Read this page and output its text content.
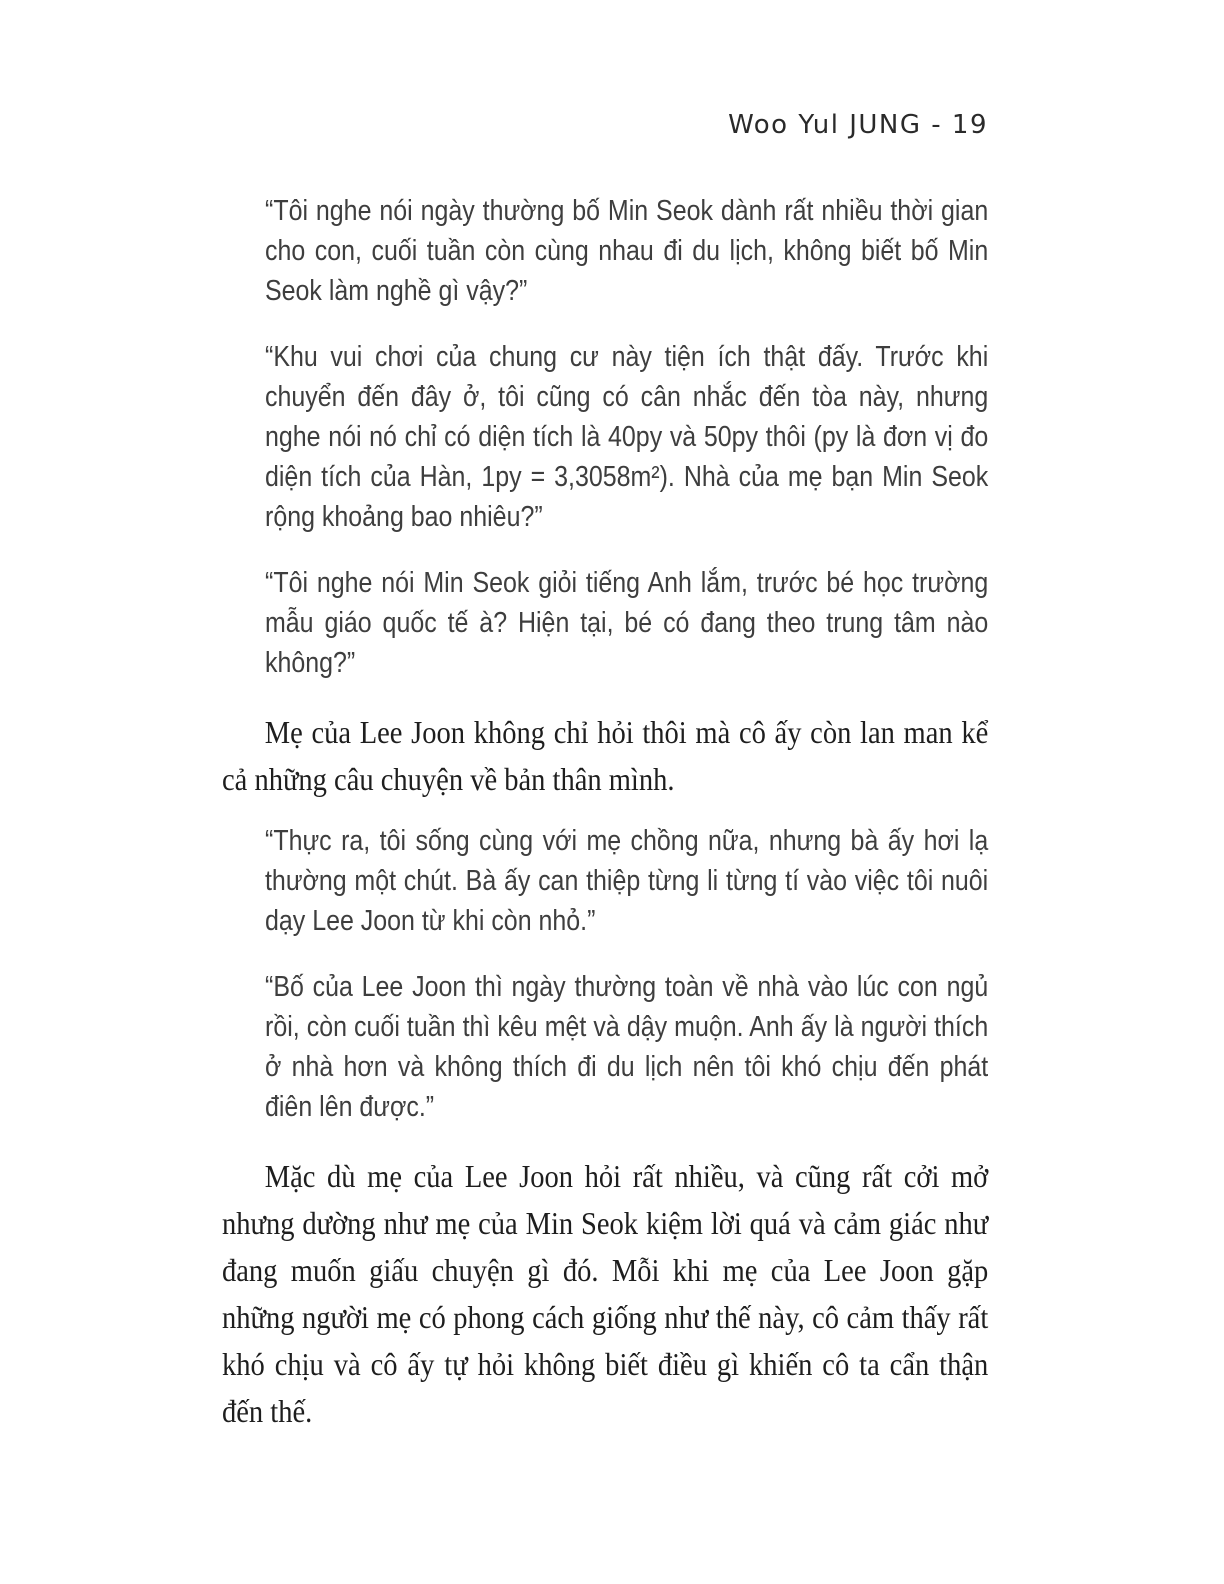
Woo Yul JUNG - 19

“Tôi nghe nói ngày thường bố Min Seok dành rất nhiều thời gian cho con, cuối tuần còn cùng nhau đi du lịch, không biết bố Min Seok làm nghề gì vậy?”

“Khu vui chơi của chung cư này tiện ích thật đấy. Trước khi chuyển đến đây ở, tôi cũng có cân nhắc đến tòa này, nhưng nghe nói nó chỉ có diện tích là 40py và 50py thôi (py là đơn vị đo diện tích của Hàn, 1py = 3,3058m²). Nhà của mẹ bạn Min Seok rộng khoảng bao nhiêu?”

“Tôi nghe nói Min Seok giỏi tiếng Anh lắm, trước bé học trường mẫu giáo quốc tế à? Hiện tại, bé có đang theo trung tâm nào không?”

Mẹ của Lee Joon không chỉ hỏi thôi mà cô ấy còn lan man kể cả những câu chuyện về bản thân mình.

“Thực ra, tôi sống cùng với mẹ chồng nữa, nhưng bà ấy hơi lạ thường một chút. Bà ấy can thiệp từng li từng tí vào việc tôi nuôi dạy Lee Joon từ khi còn nhỏ.”

“Bố của Lee Joon thì ngày thường toàn về nhà vào lúc con ngủ rồi, còn cuối tuần thì kêu mệt và dậy muộn. Anh ấy là người thích ở nhà hơn và không thích đi du lịch nên tôi khó chịu đến phát điên lên được.”

Mặc dù mẹ của Lee Joon hỏi rất nhiều, và cũng rất cởi mở nhưng dường như mẹ của Min Seok kiệm lời quá và cảm giác như đang muốn giấu chuyện gì đó. Mỗi khi mẹ của Lee Joon gặp những người mẹ có phong cách giống như thế này, cô cảm thấy rất khó chịu và cô ấy tự hỏi không biết điều gì khiến cô ta cẩn thận đến thế.
